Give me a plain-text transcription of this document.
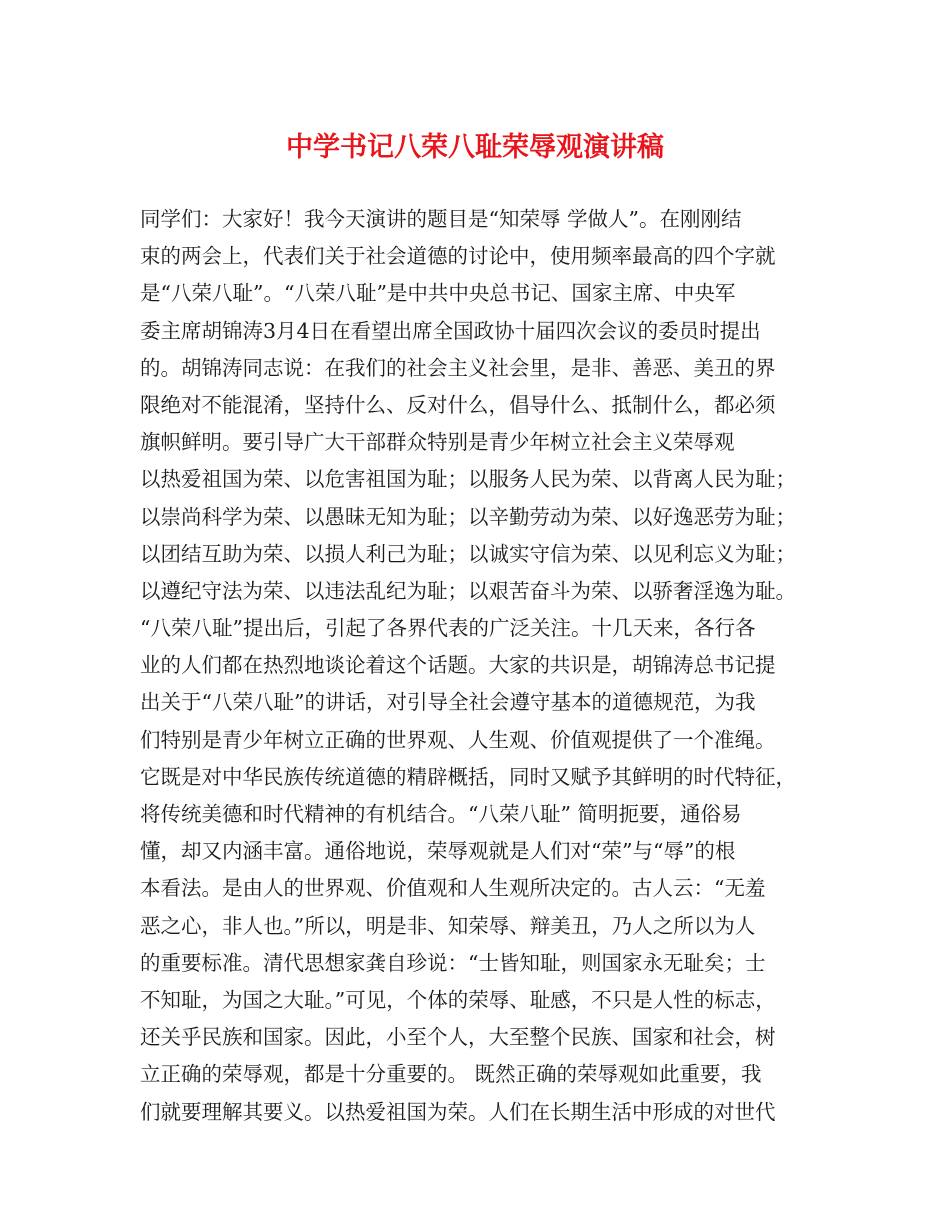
中学书记八荣八耻荣辱观演讲稿
同学们：大家好！我今天演讲的题目是“知荣辱 学做人”。在刚刚结
束的两会上，代表们关于社会道德的讨论中，使用频率最高的四个字就
是“八荣八耻”。“八荣八耻”是中共中央总书记、国家主席、中央军
委主席胡锦涛3月4日在看望出席全国政协十届四次会议的委员时提出
的。胡锦涛同志说：在我们的社会主义社会里，是非、善恶、美丑的界
限绝对不能混淆，坚持什么、反对什么，倡导什么、抵制什么，都必须
旗帜鲜明。要引导广大干部群众特别是青少年树立社会主义荣辱观
以热爱祖国为荣、以危害祖国为耻；以服务人民为荣、以背离人民为耻；
以崇尚科学为荣、以愚昧无知为耻；以辛勤劳动为荣、以好逸恶劳为耻；
以团结互助为荣、以损人利己为耻；以诚实守信为荣、以见利忘义为耻；
以遵纪守法为荣、以违法乱纪为耻；以艰苦奋斗为荣、以骄奢淫逸为耻。
“八荣八耻”提出后，引起了各界代表的广泛关注。十几天来，各行各
业的人们都在热烈地谈论着这个话题。大家的共识是，胡锦涛总书记提
出关于“八荣八耻”的讲话，对引导全社会遵守基本的道德规范，为我
们特别是青少年树立正确的世界观、人生观、价值观提供了一个准绳。
它既是对中华民族传统道德的精辟概括，同时又赋予其鲜明的时代特征，
将传统美德和时代精神的有机结合。“八荣八耻” 简明扼要，通俗易
懂，却又内涵丰富。通俗地说，荣辱观就是人们对“荣”与“辱”的根
本看法。是由人的世界观、价值观和人生观所决定的。古人云：“无羞
恶之心，非人也。”所以，明是非、知荣辱、辩美丑，乃人之所以为人
的重要标准。清代思想家龚自珍说：“士皆知耻，则国家永无耻矣；士
不知耻，为国之大耻。”可见，个体的荣辱、耻感，不只是人性的标志，
还关乎民族和国家。因此，小至个人，大至整个民族、国家和社会，树
立正确的荣辱观，都是十分重要的。 既然正确的荣辱观如此重要，我
们就要理解其要义。以热爱祖国为荣。人们在长期生活中形成的对世代
